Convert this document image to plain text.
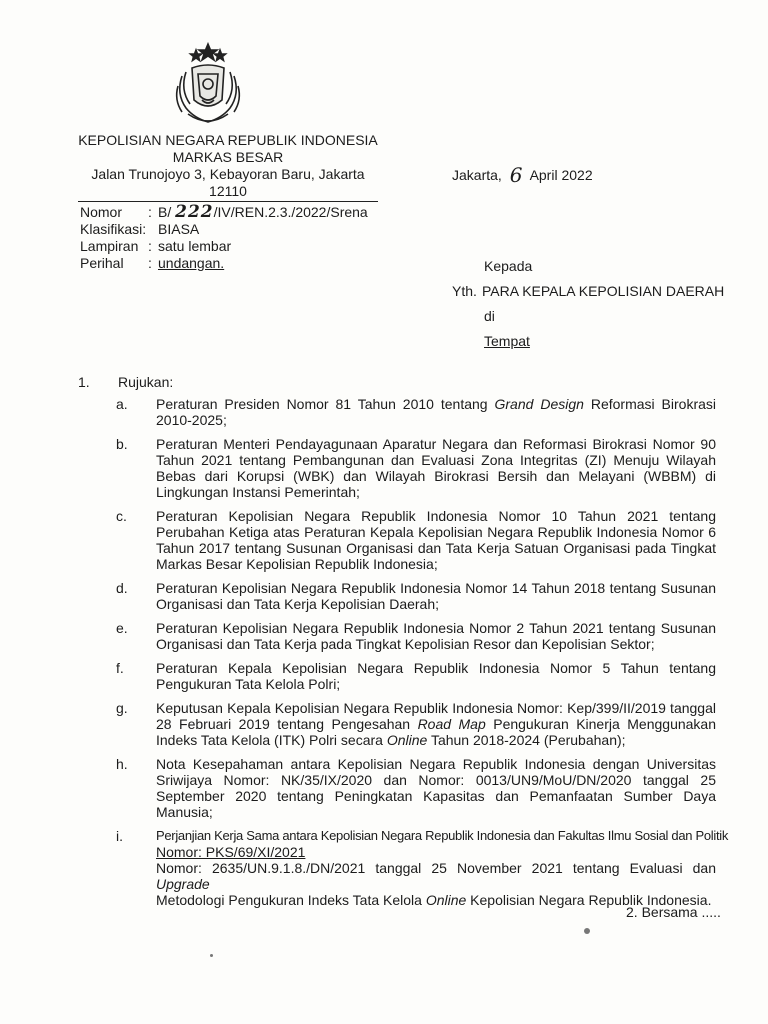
KEPOLISIAN NEGARA REPUBLIK INDONESIA
MARKAS BESAR
Jalan Trunojoyo 3, Kebayoran Baru, Jakarta 12110
Jakarta, 6 April 2022
Nomor	: B/ 222/IV/REN.2.3./2022/Srena
Klasifikasi: BIASA
Lampiran : satu lembar
Perihal	: undangan.	Kepada
Yth. PARA KEPALA KEPOLISIAN DAERAH
di
Tempat
1.	Rujukan:
a.	Peraturan Presiden Nomor 81 Tahun 2010 tentang Grand Design Reformasi Birokrasi 2010-2025;
b.	Peraturan Menteri Pendayagunaan Aparatur Negara dan Reformasi Birokrasi Nomor 90 Tahun 2021 tentang Pembangunan dan Evaluasi Zona Integritas (ZI) Menuju Wilayah Bebas dari Korupsi (WBK) dan Wilayah Birokrasi Bersih dan Melayani (WBBM) di Lingkungan Instansi Pemerintah;
c.	Peraturan Kepolisian Negara Republik Indonesia Nomor 10 Tahun 2021 tentang Perubahan Ketiga atas Peraturan Kepala Kepolisian Negara Republik Indonesia Nomor 6 Tahun 2017 tentang Susunan Organisasi dan Tata Kerja Satuan Organisasi pada Tingkat Markas Besar Kepolisian Republik Indonesia;
d.	Peraturan Kepolisian Negara Republik Indonesia Nomor 14 Tahun 2018 tentang Susunan Organisasi dan Tata Kerja Kepolisian Daerah;
e.	Peraturan Kepolisian Negara Republik Indonesia Nomor 2 Tahun 2021 tentang Susunan Organisasi dan Tata Kerja pada Tingkat Kepolisian Resor dan Kepolisian Sektor;
f.	Peraturan Kepala Kepolisian Negara Republik Indonesia Nomor 5 Tahun tentang Pengukuran Tata Kelola Polri;
g.	Keputusan Kepala Kepolisian Negara Republik Indonesia Nomor: Kep/399/II/2019 tanggal 28 Februari 2019 tentang Pengesahan Road Map Pengukuran Kinerja Menggunakan Indeks Tata Kelola (ITK) Polri secara Online Tahun 2018-2024 (Perubahan);
h.	Nota Kesepahaman antara Kepolisian Negara Republik Indonesia dengan Universitas Sriwijaya Nomor: NK/35/IX/2020 dan Nomor: 0013/UN9/MoU/DN/2020 tanggal 25 September 2020 tentang Peningkatan Kapasitas dan Pemanfaatan Sumber Daya Manusia;
i.	Perjanjian Kerja Sama antara Kepolisian Negara Republik Indonesia dan Fakultas Ilmu Sosial dan Politik
Nomor: PKS/69/XI/2021
Nomor: 2635/UN.9.1.8./DN/2021 tanggal 25 November 2021 tentang Evaluasi dan Upgrade
Metodologi Pengukuran Indeks Tata Kelola Online Kepolisian Negara Republik Indonesia.
2. Bersama .....
